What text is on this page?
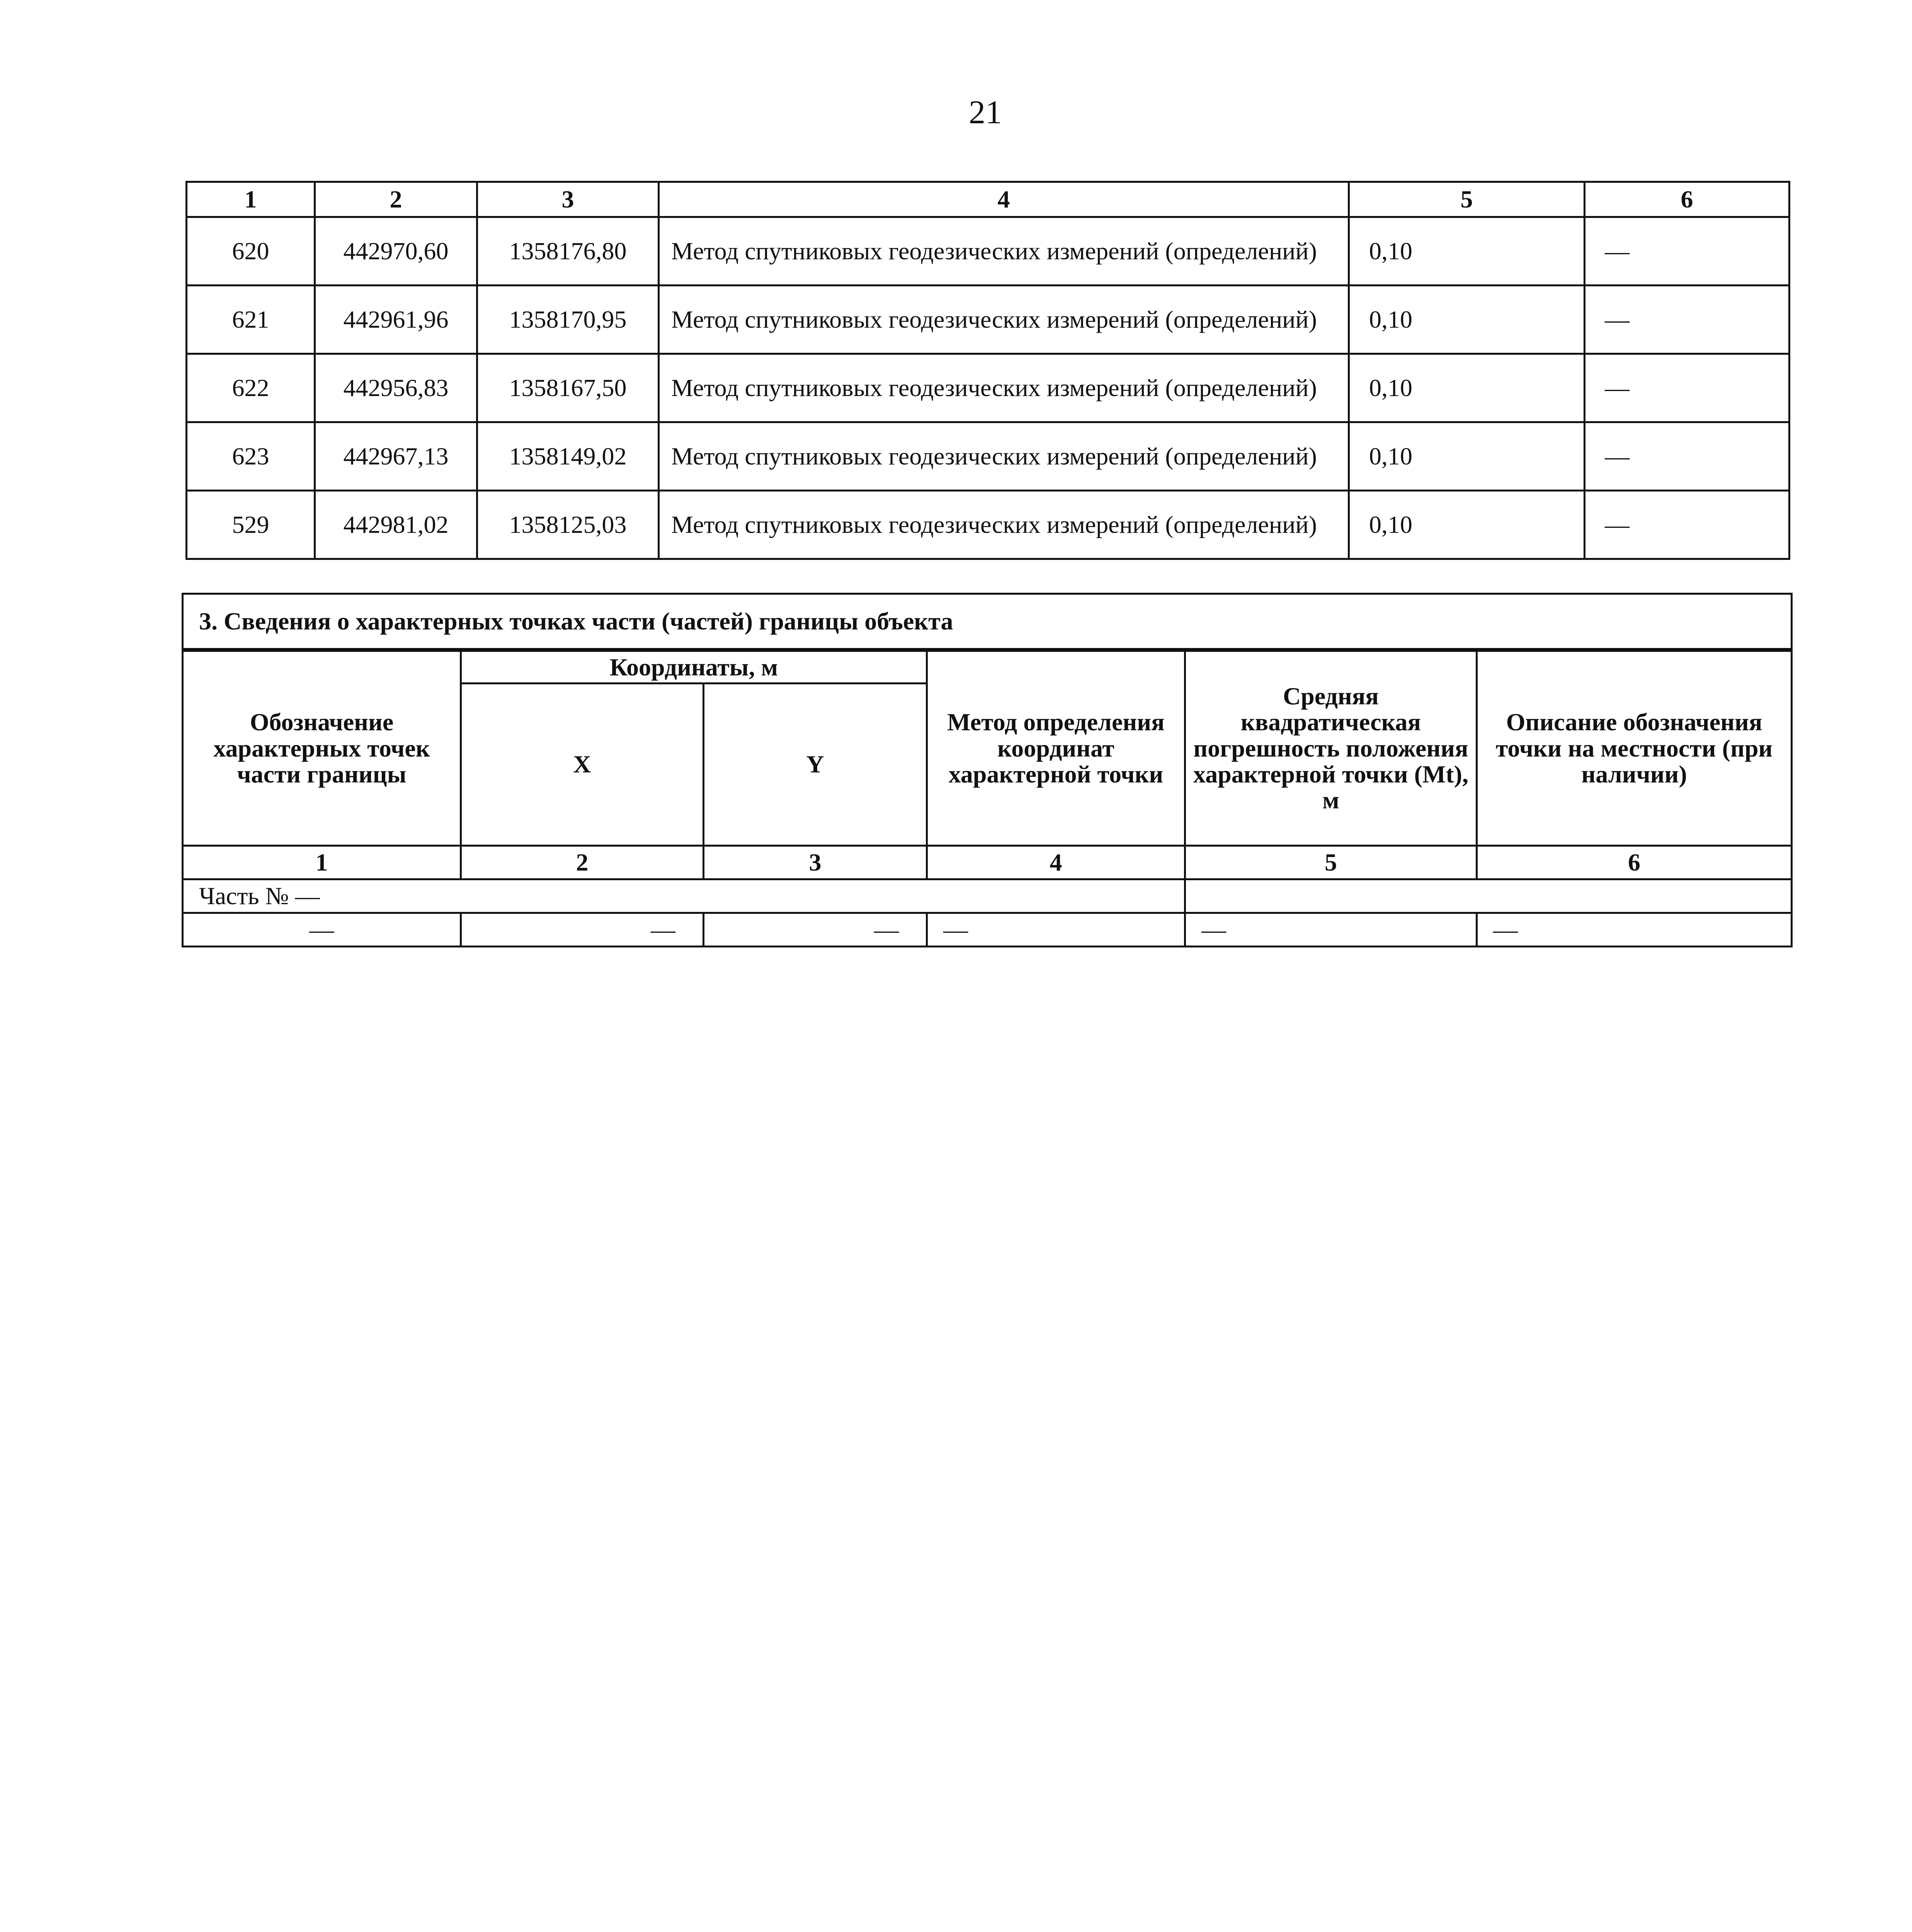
21
1	2	3	4	5	6
620	442970,60	1358176,80	Метод спутниковых геодезических измерений (определений)	0,10	—
621	442961,96	1358170,95	Метод спутниковых геодезических измерений (определений)	0,10	—
622	442956,83	1358167,50	Метод спутниковых геодезических измерений (определений)	0,10	—
623	442967,13	1358149,02	Метод спутниковых геодезических измерений (определений)	0,10	—
529	442981,02	1358125,03	Метод спутниковых геодезических измерений (определений)	0,10	—
3. Сведения о характерных точках части (частей) границы объекта					
Обозначение характерных точек части границы	Координаты, м		Метод определения координат характерной точки	Средняя квадратическая погрешность положения характерной точки (Mt), м	Описание обозначения точки на местности (при наличии)
	X	Y			
1	2	3	4	5	6
Часть № —					
—	—	—	—	—	—
